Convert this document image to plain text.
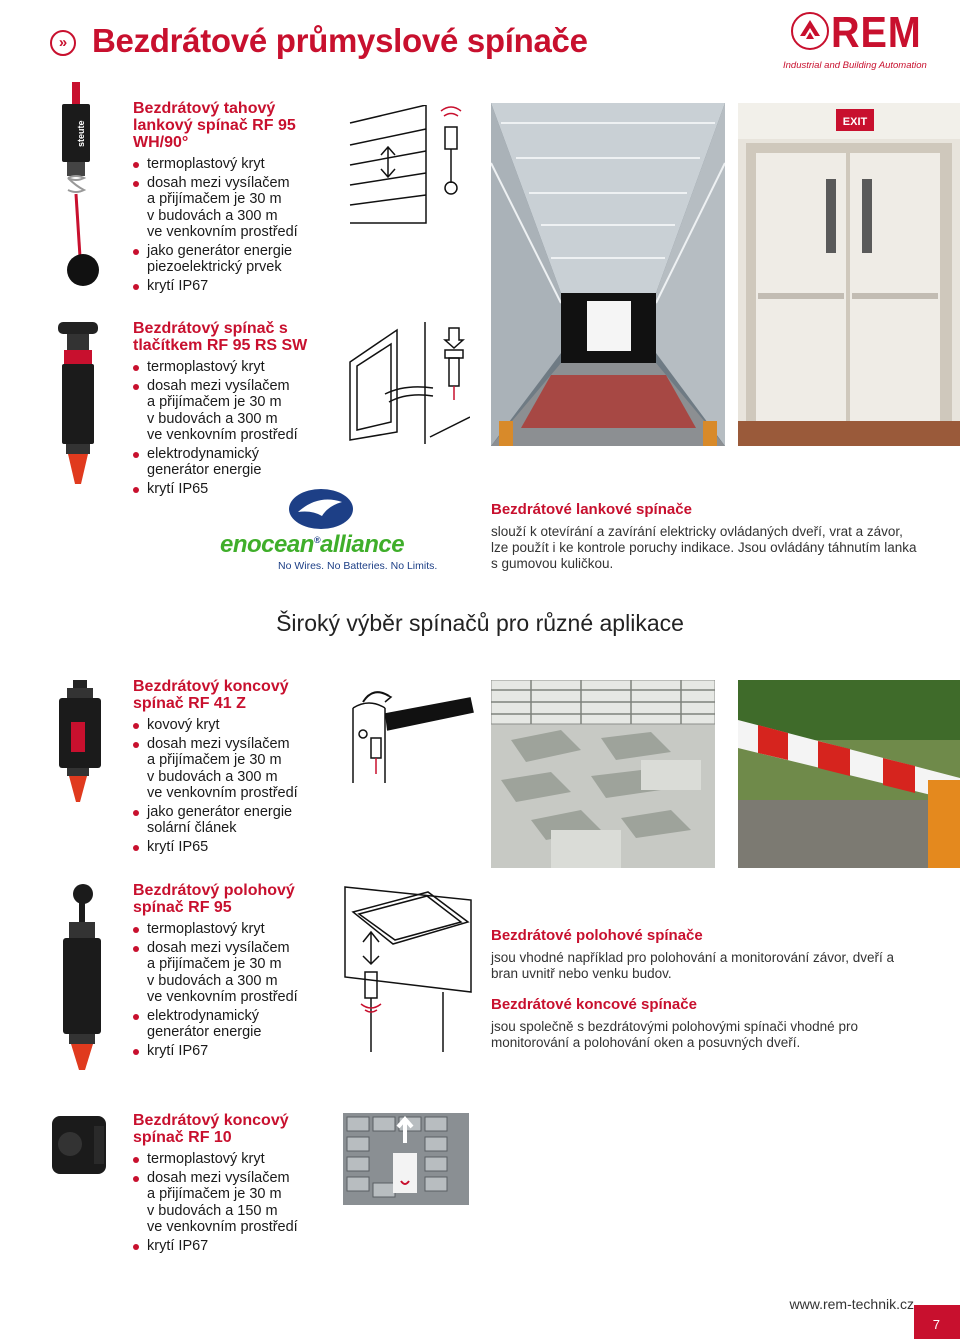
» Bezdrátové průmyslové spínače	REM
Industrial and Building Automation
steute
Bezdrátový tahový lankový spínač RF 95 WH/90°
termoplastový kryt
dosah mezi vysílačem
a přijímačem je 30 m
v budovách a 300 m
ve venkovním prostředí
jako generátor energie
piezoelektrický prvek
krytí IP67
Bezdrátový spínač s tlačítkem RF 95 RS SW
termoplastový kryt
dosah mezi vysílačem
a přijímačem je 30 m
v budovách a 300 m
ve venkovním prostředí
elektrodynamický
generátor energie
krytí IP65
enocean®alliance
No Wires. No Batteries. No Limits.
EXIT
Bezdrátové lankové spínače

slouží k otevírání a zavírání elektricky ovládaných dveří, vrat a závor, lze použít i ke kontrole poruchy indikace. Jsou ovládány táhnutím lanka s gumovou kuličkou.

Široký výběr spínačů pro různé aplikace
Bezdrátový koncový spínač RF 41 Z
kovový kryt
dosah mezi vysílačem
a přijímačem je 30 m
v budovách a 300 m
ve venkovním prostředí
jako generátor energie
solární článek
krytí IP65
Bezdrátový polohový spínač RF 95
termoplastový kryt
dosah mezi vysílačem
a přijímačem je 30 m
v budovách a 300 m
ve venkovním prostředí
elektrodynamický
generátor energie
krytí IP67
Bezdrátové polohové spínače

jsou vhodné například pro polohování a monitorování závor, dveří a bran uvnitř nebo venku budov.

Bezdrátové koncové spínače

jsou společně s bezdrátovými polohovými spínači vhodné pro monitorování a polohování oken a posuvných dveří.

Bezdrátový koncový spínač RF 10
termoplastový kryt
dosah mezi vysílačem
a přijímačem je 30 m
v budovách a 150 m
ve venkovním prostředí
krytí IP67
www.rem-technik.cz
7
